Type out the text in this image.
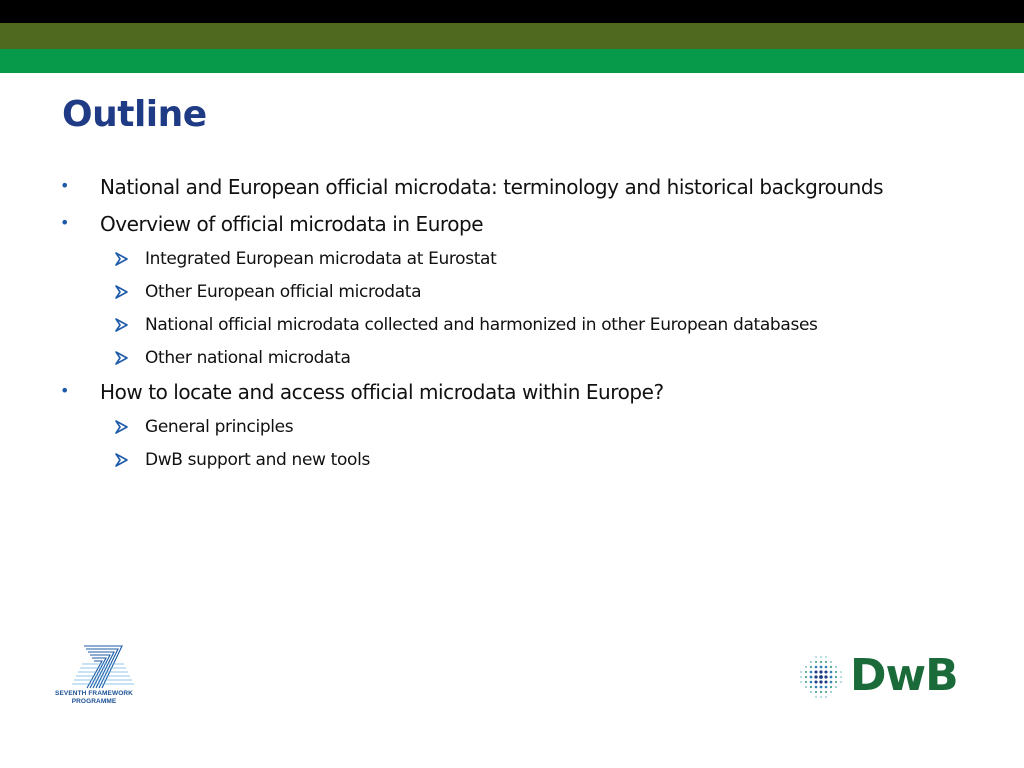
Outline
• National and European official microdata: terminology and historical backgrounds
• Overview of official microdata in Europe
Integrated European microdata at Eurostat
Other European official microdata
National official microdata collected and harmonized in other European databases
Other national microdata
• How to locate and access official microdata within Europe?
General principles
DwB support and new tools
SEVENTH FRAMEWORK
PROGRAMME
DwB
